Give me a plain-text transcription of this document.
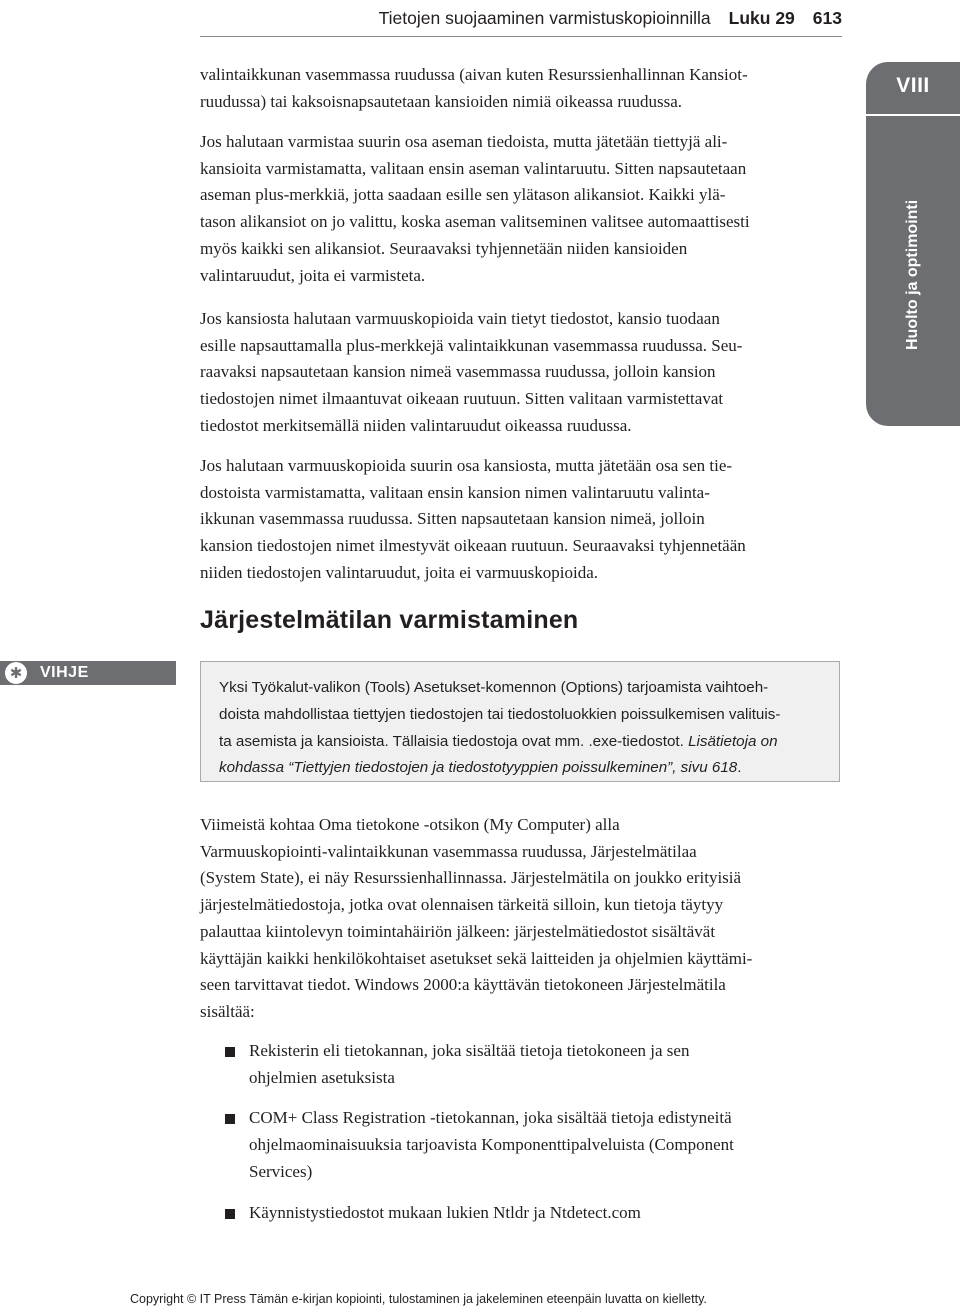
Tietojen suojaaminen varmistuskopioinnilla Luku 29 613
VIII
Huolto ja optimointi

valintaikkunan vasemmassa ruudussa (aivan kuten Resurssienhallinnan Kansiot-
ruudussa) tai kaksoisnapsautetaan kansioiden nimiä oikeassa ruudussa.

Jos halutaan varmistaa suurin osa aseman tiedoista, mutta jätetään tiettyjä ali-
kansioita varmistamatta, valitaan ensin aseman valintaruutu. Sitten napsautetaan
aseman plus-merkkiä, jotta saadaan esille sen ylätason alikansiot. Kaikki ylä-
tason alikansiot on jo valittu, koska aseman valitseminen valitsee automaattisesti
myös kaikki sen alikansiot. Seuraavaksi tyhjennetään niiden kansioiden
valintaruudut, joita ei varmisteta.

Jos kansiosta halutaan varmuuskopioida vain tietyt tiedostot, kansio tuodaan
esille napsauttamalla plus-merkkejä valintaikkunan vasemmassa ruudussa. Seu-
raavaksi napsautetaan kansion nimeä vasemmassa ruudussa, jolloin kansion
tiedostojen nimet ilmaantuvat oikeaan ruutuun. Sitten valitaan varmistettavat
tiedostot merkitsemällä niiden valintaruudut oikeassa ruudussa.

Jos halutaan varmuuskopioida suurin osa kansiosta, mutta jätetään osa sen tie-
dostoista varmistamatta, valitaan ensin kansion nimen valintaruutu valinta-
ikkunan vasemmassa ruudussa. Sitten napsautetaan kansion nimeä, jolloin
kansion tiedostojen nimet ilmestyvät oikeaan ruutuun. Seuraavaksi tyhjennetään
niiden tiedostojen valintaruudut, joita ei varmuuskopioida.

Järjestelmätilan varmistaminen
✱ VIHJE

Yksi Työkalut-valikon (Tools) Asetukset-komennon (Options) tarjoamista vaihtoeh-
doista mahdollistaa tiettyjen tiedostojen tai tiedostoluokkien poissulkemisen valituis-
ta asemista ja kansioista. Tällaisia tiedostoja ovat mm. .exe-tiedostot. Lisätietoja on
kohdassa “Tiettyjen tiedostojen ja tiedostotyyppien poissulkeminen”, sivu 618.

Viimeistä kohtaa Oma tietokone -otsikon (My Computer) alla
Varmuuskopiointi-valintaikkunan vasemmassa ruudussa, Järjestelmätilaa
(System State), ei näy Resurssienhallinnassa. Järjestelmätila on joukko erityisiä
järjestelmätiedostoja, jotka ovat olennaisen tärkeitä silloin, kun tietoja täytyy
palauttaa kiintolevyn toimintahäiriön jälkeen: järjestelmätiedostot sisältävät
käyttäjän kaikki henkilökohtaiset asetukset sekä laitteiden ja ohjelmien käyttämi-
seen tarvittavat tiedot. Windows 2000:a käyttävän tietokoneen Järjestelmätila
sisältää:

Rekisterin eli tietokannan, joka sisältää tietoja tietokoneen ja sen
ohjelmien asetuksista
COM+ Class Registration -tietokannan, joka sisältää tietoja edistyneitä
ohjelmaominaisuuksia tarjoavista Komponenttipalveluista (Component
Services)
Käynnistystiedostot mukaan lukien Ntldr ja Ntdetect.com
Copyright © IT Press Tämän e-kirjan kopiointi, tulostaminen ja jakeleminen eteenpäin luvatta on kielletty.
